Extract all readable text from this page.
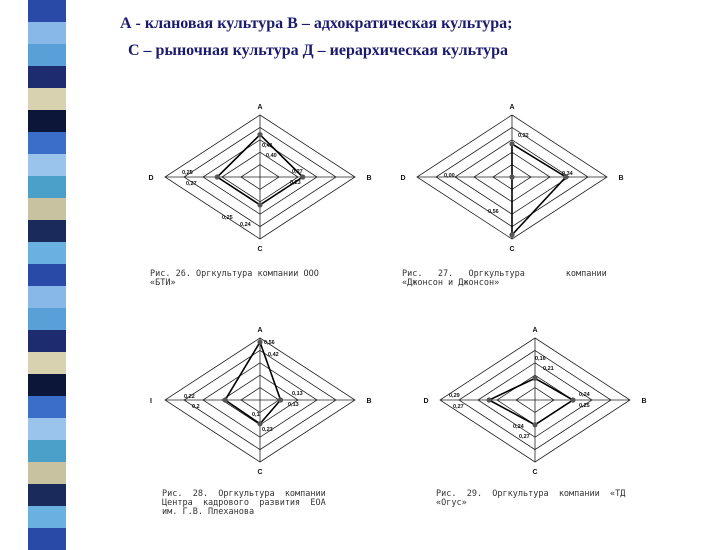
А - клановая культура В – адхократическая культура;
С – рыночная культура Д – иерархическая культура
A
B
C
D
0,41
0,40
0,27
0,23
0,25
0,27
0,25
0,24
A
B
C
D
0,32
0,34
0,56
0,00
A
B
C
I
0,56
0,42
0,22
0,2
0,13
0,13
0,1
0,23
A
B
C
D
0,16
0,21
0,24
0,25
0,29
0,27
0,24
0,27
Рис. 26. Оргкультура компании ООО
«БТИ»
Рис.   27.   Оргкультура        компании
«Джонсон и Джонсон»
Рис.  28.  Оргкультура  компании
Центра  кадрового  развития  ЕОА
им. Г.В. Плеханова
Рис.  29.  Оргкультура  компании  «ТД
«Огус»
